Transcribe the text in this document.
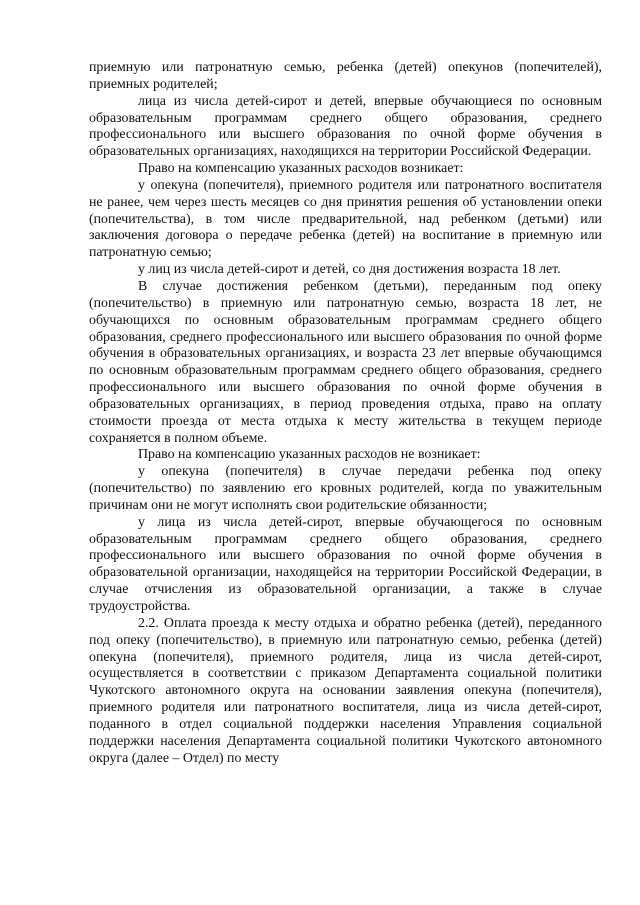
приемную или патронатную семью, ребенка (детей) опекунов (попечителей), приемных родителей;

лица из числа детей-сирот и детей, впервые обучающиеся по основным образовательным программам среднего общего образования, среднего профессионального или высшего образования по очной форме обучения в образовательных организациях, находящихся на территории Российской Федерации.

Право на компенсацию указанных расходов возникает:

у опекуна (попечителя), приемного родителя или патронатного воспитателя не ранее, чем через шесть месяцев со дня принятия решения об установлении опеки (попечительства), в том числе предварительной, над ребенком (детьми) или заключения договора о передаче ребенка (детей) на воспитание в приемную или патронатную семью;

у лиц из числа детей-сирот и детей, со дня достижения возраста 18 лет.

В случае достижения ребенком (детьми), переданным под опеку (попечительство) в приемную или патронатную семью, возраста 18 лет, не обучающихся по основным образовательным программам среднего общего образования, среднего профессионального или высшего образования по очной форме обучения в образовательных организациях, и возраста 23 лет впервые обучающимся по основным образовательным программам среднего общего образования, среднего профессионального или высшего образования по очной форме обучения в образовательных организациях, в период проведения отдыха, право на оплату стоимости проезда от места отдыха к месту жительства в текущем периоде сохраняется в полном объеме.

Право на компенсацию указанных расходов не возникает:

у опекуна (попечителя) в случае передачи ребенка под опеку (попечительство) по заявлению его кровных родителей, когда по уважительным причинам они не могут исполнять свои родительские обязанности;

у лица из числа детей-сирот, впервые обучающегося по основным образовательным программам среднего общего образования, среднего профессионального или высшего образования по очной форме обучения в образовательной организации, находящейся на территории Российской Федерации, в случае отчисления из образовательной организации, а также в случае трудоустройства.

2.2. Оплата проезда к месту отдыха и обратно ребенка (детей), переданного под опеку (попечительство), в приемную или патронатную семью, ребенка (детей) опекуна (попечителя), приемного родителя, лица из числа детей-сирот, осуществляется в соответствии с приказом Департамента социальной политики Чукотского автономного округа на основании заявления опекуна (попечителя), приемного родителя или патронатного воспитателя, лица из числа детей-сирот, поданного в отдел социальной поддержки населения Управления социальной поддержки населения Департамента социальной политики Чукотского автономного округа (далее – Отдел) по месту
